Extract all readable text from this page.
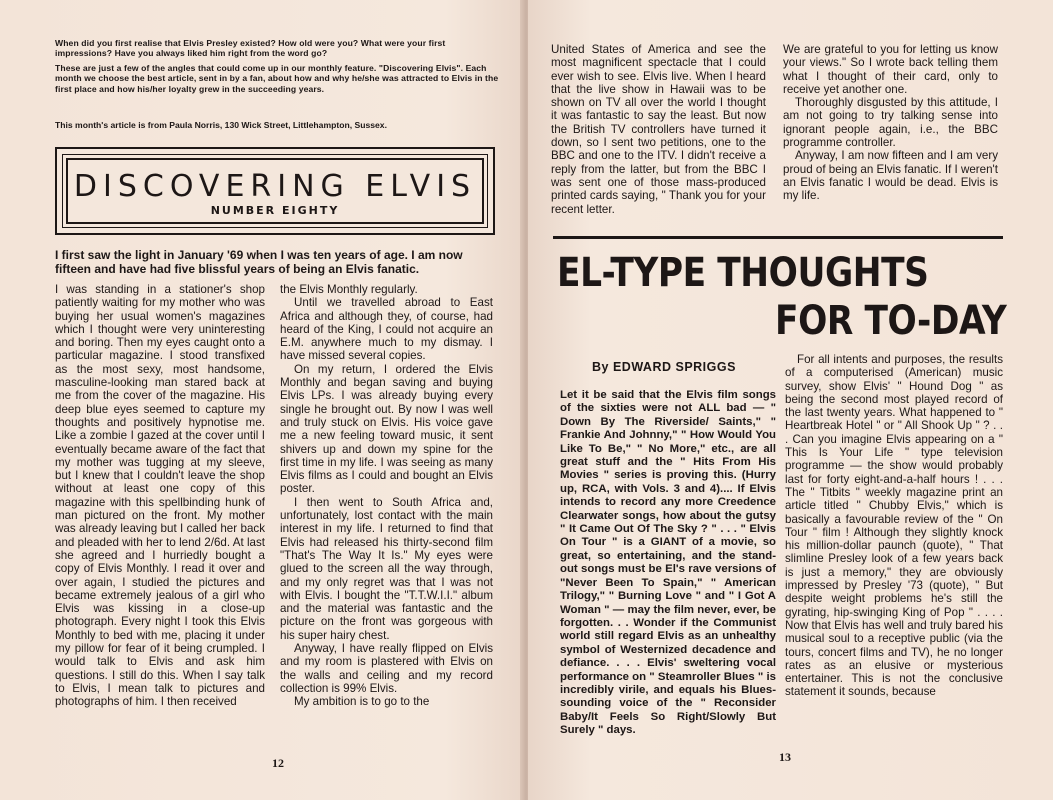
When did you first realise that Elvis Presley existed? How old were you? What were your first impressions? Have you always liked him right from the word go?

These are just a few of the angles that could come up in our monthly feature. "Discovering Elvis". Each month we choose the best article, sent in by a fan, about how and why he/she was attracted to Elvis in the first place and how his/her loyalty grew in the succeeding years.

This month's article is from Paula Norris, 130 Wick Street, Littlehampton, Sussex.
DISCOVERING ELVIS
NUMBER EIGHTY
I first saw the light in January '69 when I was ten years of age. I am now fifteen and have had five blissful years of being an Elvis fanatic.

I was standing in a stationer's shop patiently waiting for my mother who was buying her usual women's magazines which I thought were very uninteresting and boring. Then my eyes caught onto a particular magazine. I stood transfixed as the most sexy, most handsome, masculine-looking man stared back at me from the cover of the magazine. His deep blue eyes seemed to capture my thoughts and positively hypnotise me. Like a zombie I gazed at the cover until I eventually became aware of the fact that my mother was tugging at my sleeve, but I knew that I couldn't leave the shop without at least one copy of this magazine with this spellbinding hunk of man pictured on the front. My mother was already leaving but I called her back and pleaded with her to lend 2/6d. At last she agreed and I hurriedly bought a copy of Elvis Monthly. I read it over and over again, I studied the pictures and became extremely jealous of a girl who Elvis was kissing in a close-up photograph. Every night I took this Elvis Monthly to bed with me, placing it under my pillow for fear of it being crumpled. I would talk to Elvis and ask him questions. I still do this. When I say talk to Elvis, I mean talk to pictures and photographs of him. I then received

the Elvis Monthly regularly.

Until we travelled abroad to East Africa and although they, of course, had heard of the King, I could not acquire an E.M. anywhere much to my dismay. I have missed several copies.

On my return, I ordered the Elvis Monthly and began saving and buying Elvis LPs. I was already buying every single he brought out. By now I was well and truly stuck on Elvis. His voice gave me a new feeling toward music, it sent shivers up and down my spine for the first time in my life. I was seeing as many Elvis films as I could and bought an Elvis poster.

I then went to South Africa and, unfortunately, lost contact with the main interest in my life. I returned to find that Elvis had released his thirty-second film "That's The Way It Is." My eyes were glued to the screen all the way through, and my only regret was that I was not with Elvis. I bought the "T.T.W.I.I." album and the material was fantastic and the picture on the front was gorgeous with his super hairy chest.

Anyway, I have really flipped on Elvis and my room is plastered with Elvis on the walls and ceiling and my record collection is 99% Elvis.

My ambition is to go to the

12

United States of America and see the most magnificent spectacle that I could ever wish to see. Elvis live. When I heard that the live show in Hawaii was to be shown on TV all over the world I thought it was fantastic to say the least. But now the British TV controllers have turned it down, so I sent two petitions, one to the BBC and one to the ITV. I didn't receive a reply from the latter, but from the BBC I was sent one of those mass-produced printed cards saying, " Thank you for your recent letter.

We are grateful to you for letting us know your views." So I wrote back telling them what I thought of their card, only to receive yet another one.

Thoroughly disgusted by this attitude, I am not going to try talking sense into ignorant people again, i.e., the BBC programme controller.

Anyway, I am now fifteen and I am very proud of being an Elvis fanatic. If I weren't an Elvis fanatic I would be dead. Elvis is my life.

EL-TYPE THOUGHTS
FOR TO-DAY
By EDWARD SPRIGGS

Let it be said that the Elvis film songs of the sixties were not ALL bad — " Down By The Riverside/ Saints," " Frankie And Johnny," " How Would You Like To Be," " No More," etc., are all great stuff and the " Hits From His Movies " series is proving this. (Hurry up, RCA, with Vols. 3 and 4).... If Elvis intends to record any more Creedence Clearwater songs, how about the gutsy " It Came Out Of The Sky ? " . . . " Elvis On Tour " is a GIANT of a movie, so great, so entertaining, and the stand-out songs must be El's rave versions of "Never Been To Spain," " American Trilogy," " Burning Love " and " I Got A Woman " — may the film never, ever, be forgotten. . . Wonder if the Communist world still regard Elvis as an unhealthy symbol of Westernized decadence and defiance. . . . Elvis' sweltering vocal performance on " Steamroller Blues " is incredibly virile, and equals his Blues-sounding voice of the " Reconsider Baby/It Feels So Right/Slowly But Surely " days.

For all intents and purposes, the results of a computerised (American) music survey, show Elvis' " Hound Dog " as being the second most played record of the last twenty years. What happened to " Heartbreak Hotel " or " All Shook Up " ? . . . Can you imagine Elvis appearing on a " This Is Your Life " type television programme — the show would probably last for forty eight-and-a-half hours ! . . . The " Titbits " weekly magazine print an article titled " Chubby Elvis," which is basically a favourable review of the " On Tour " film ! Although they slightly knock his million-dollar paunch (quote), " That slimline Presley look of a few years back is just a memory," they are obviously impressed by Presley '73 (quote), " But despite weight problems he's still the gyrating, hip-swinging King of Pop " . . . . Now that Elvis has well and truly bared his musical soul to a receptive public (via the tours, concert films and TV), he no longer rates as an elusive or mysterious entertainer. This is not the conclusive statement it sounds, because

13
